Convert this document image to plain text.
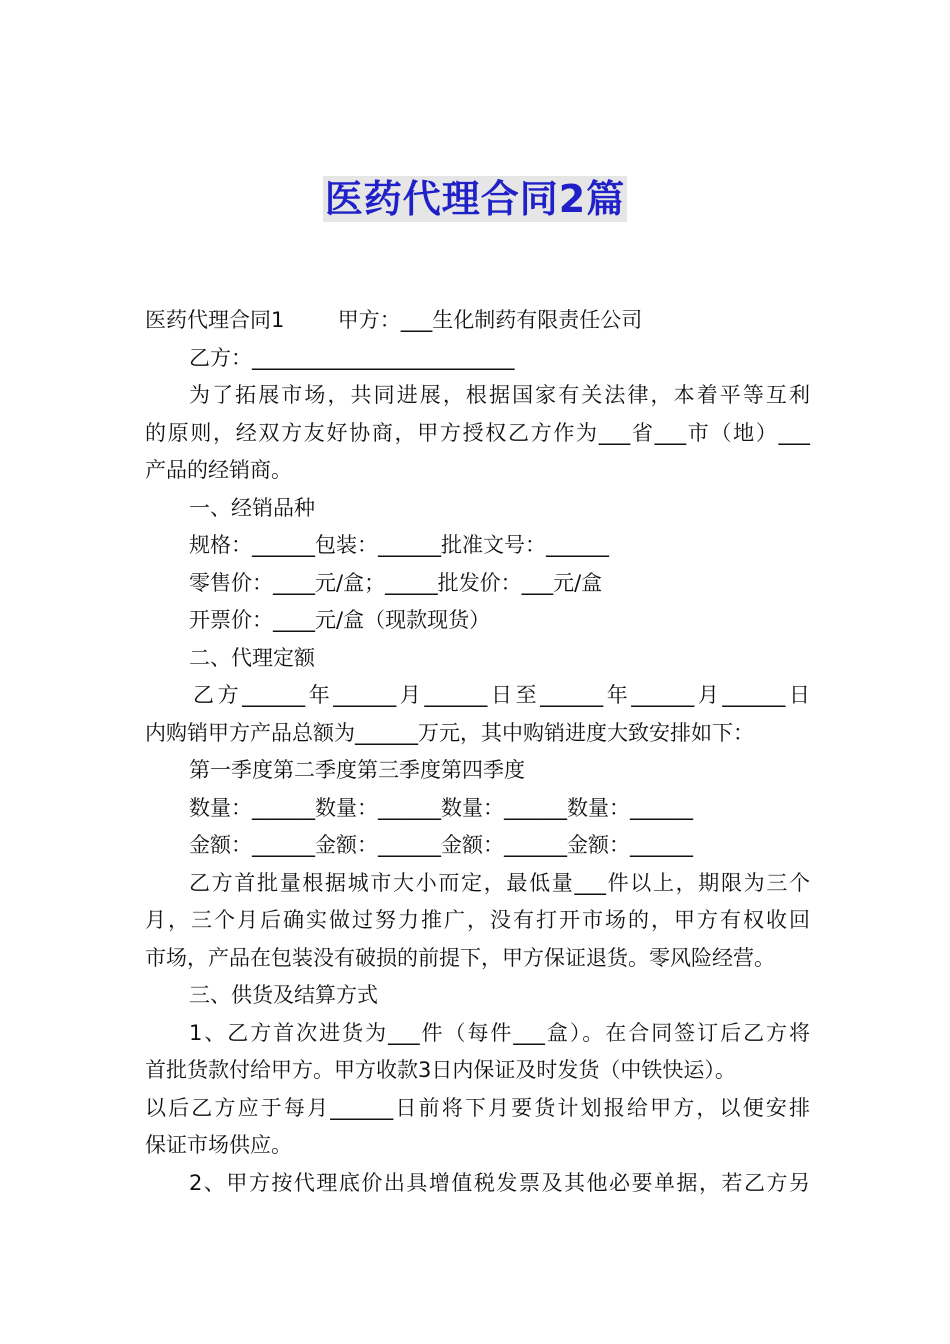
医药代理合同2篇

医药代理合同1        甲方：___生化制药有限责任公司

乙方：_________________________

为了拓展市场，共同进展，根据国家有关法律，本着平等互利

的原则，经双方友好协商，甲方授权乙方作为___省___市（地）___

产品的经销商。

一、经销品种

规格：______包装：______批准文号：______

零售价：____元/盒；_____批发价：___元/盒

开票价：____元/盒（现款现货）

二、代理定额

乙方______年______月______日至______年______月______日

内购销甲方产品总额为______万元，其中购销进度大致安排如下：

第一季度第二季度第三季度第四季度

数量：______数量：______数量：______数量：______

金额：______金额：______金额：______金额：______

乙方首批量根据城市大小而定，最低量___件以上，期限为三个

月，三个月后确实做过努力推广，没有打开市场的，甲方有权收回

市场，产品在包装没有破损的前提下，甲方保证退货。零风险经营。

三、供货及结算方式

1、乙方首次进货为___件（每件___盒）。在合同签订后乙方将

首批货款付给甲方。甲方收款3日内保证及时发货（中铁快运）。

以后乙方应于每月______日前将下月要货计划报给甲方，以便安排

保证市场供应。

2、甲方按代理底价出具增值税发票及其他必要单据，若乙方另
